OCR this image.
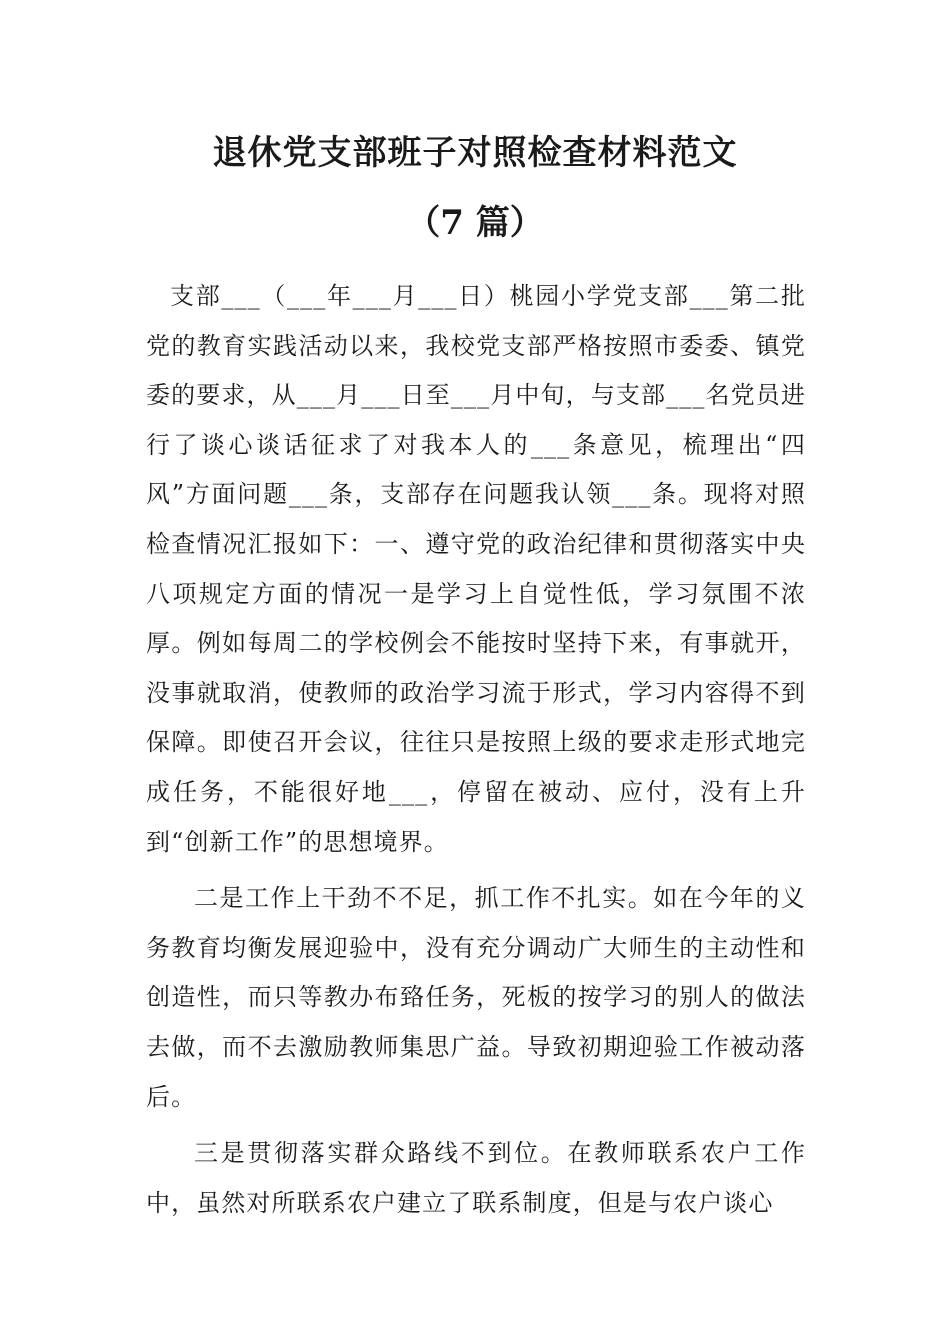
退休党支部班子对照检查材料范文
（7 篇）

支部___（___年___月___日）桃园小学党支部___第二批党的教育实践活动以来，我校党支部严格按照市委委、镇党委的要求，从___月___日至___月中旬，与支部___名党员进行了谈心谈话征求了对我本人的___条意见，梳理出“四风”方面问题___条，支部存在问题我认领___条。现将对照检查情况汇报如下：一、遵守党的政治纪律和贯彻落实中央八项规定方面的情况一是学习上自觉性低，学习氛围不浓厚。例如每周二的学校例会不能按时坚持下来，有事就开，没事就取消，使教师的政治学习流于形式，学习内容得不到保障。即使召开会议，往往只是按照上级的要求走形式地完成任务，不能很好地___，停留在被动、应付，没有上升到“创新工作”的思想境界。

二是工作上干劲不不足，抓工作不扎实。如在今年的义务教育均衡发展迎验中，没有充分调动广大师生的主动性和创造性，而只等教办布臵任务，死板的按学习的别人的做法去做，而不去激励教师集思广益。导致初期迎验工作被动落后。

三是贯彻落实群众路线不到位。在教师联系农户工作中，虽然对所联系农户建立了联系制度，但是与农户谈心
